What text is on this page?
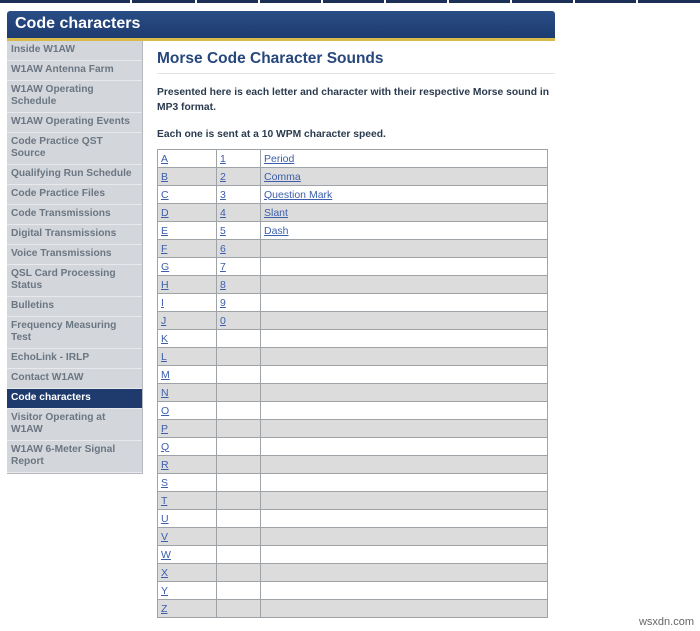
Code characters
Inside W1AW
W1AW Antenna Farm
W1AW Operating Schedule
W1AW Operating Events
Code Practice QST Source
Qualifying Run Schedule
Code Practice Files
Code Transmissions
Digital Transmissions
Voice Transmissions
QSL Card Processing Status
Bulletins
Frequency Measuring Test
EchoLink - IRLP
Contact W1AW
Code characters
Visitor Operating at W1AW
W1AW 6-Meter Signal Report
Morse Code Character Sounds

Presented here is each letter and character with their respective Morse sound in MP3 format.

Each one is sent at a 10 WPM character speed.

A	1	Period
B	2	Comma
C	3	Question Mark
D	4	Slant
E	5	Dash
F	6	
G	7	
H	8	
I	9	
J	0	
K		
L		
M		
N		
O		
P		
Q		
R		
S		
T		
U		
V		
W		
X		
Y		
Z		
wsxdn.com
